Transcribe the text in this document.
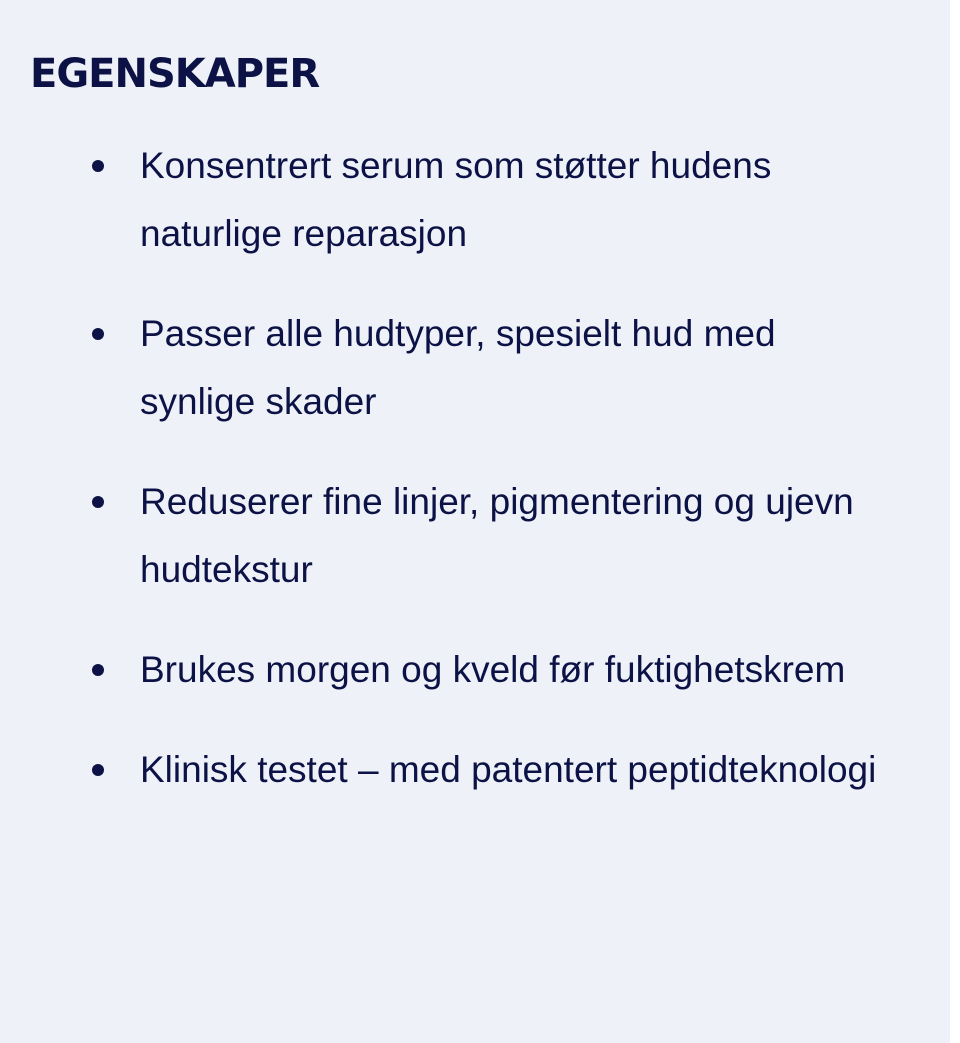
EGENSKAPER
Konsentrert serum som støtter hudens naturlige reparasjon
Passer alle hudtyper, spesielt hud med synlige skader
Reduserer fine linjer, pigmentering og ujevn hudtekstur
Brukes morgen og kveld før fuktighetskrem
Klinisk testet – med patentert peptidteknologi
